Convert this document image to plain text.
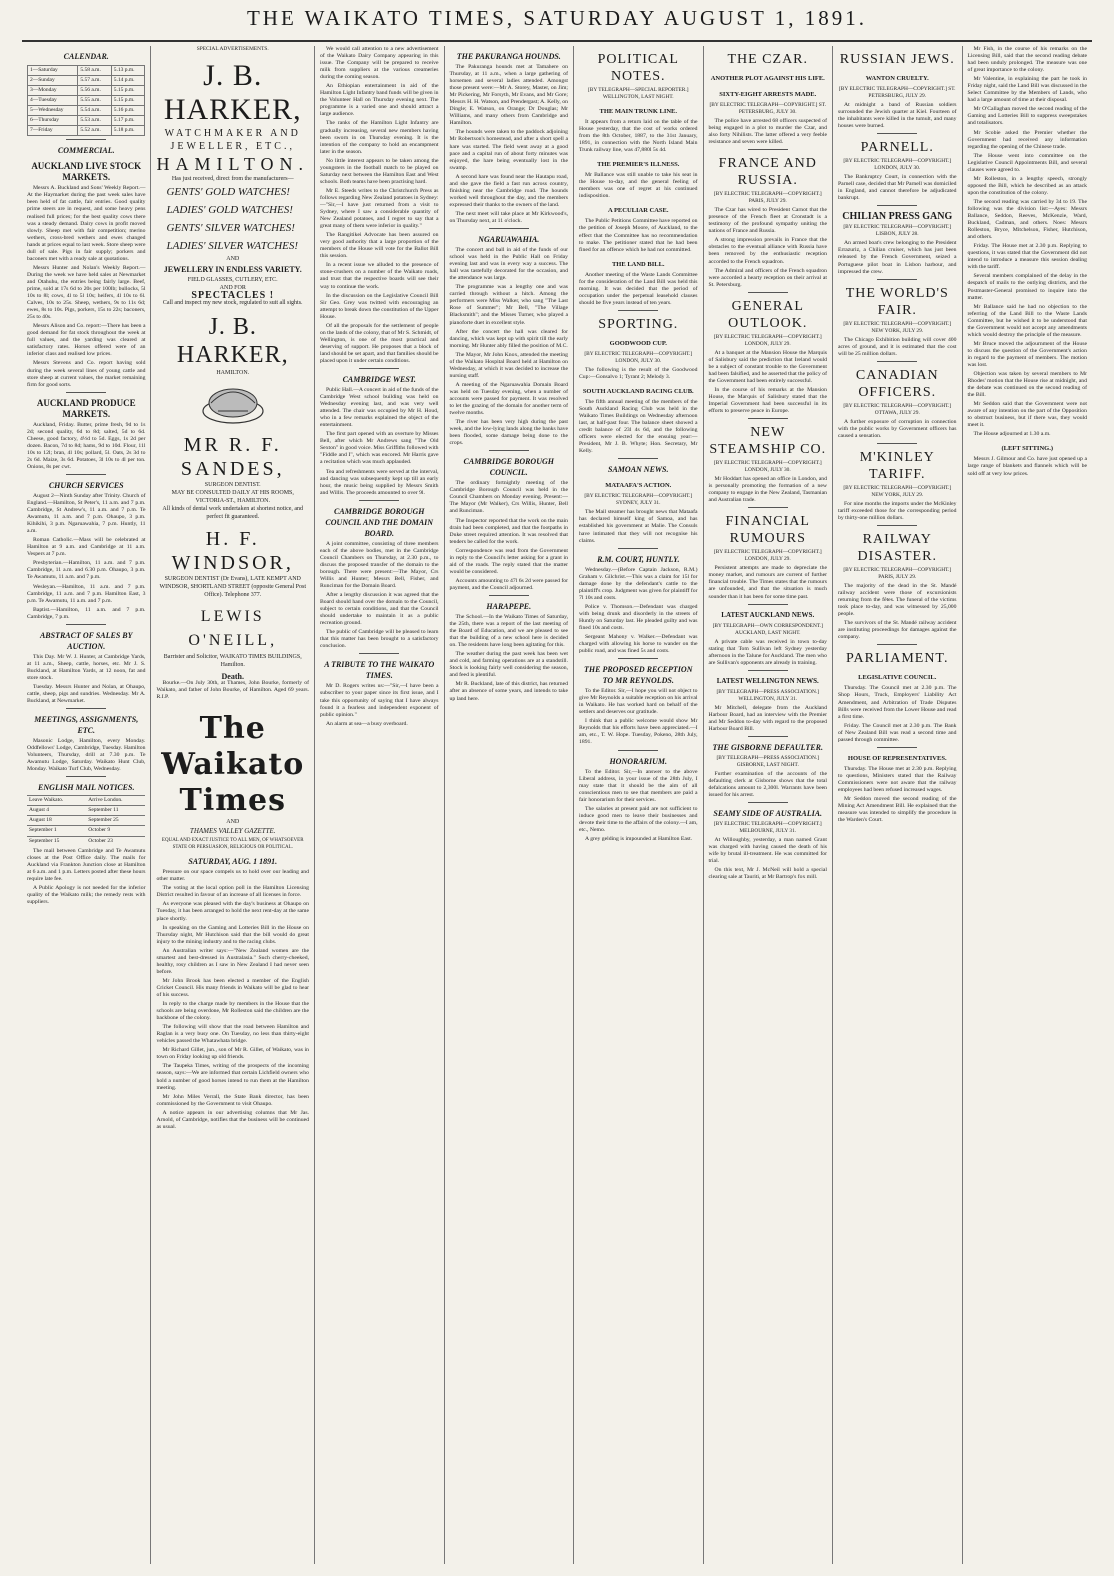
THE WAIKATO TIMES, SATURDAY AUGUST 1, 1891.
CALENDAR.
1—Saturday	5.58 a.m.	5.13 p.m.
2—Sunday	5.57 a.m.	5.14 p.m.
3—Monday	5.56 a.m.	5.15 p.m.
4—Tuesday	5.55 a.m.	5.15 p.m.
5—Wednesday	5.54 a.m.	5.16 p.m.
6—Thursday	5.53 a.m.	5.17 p.m.
7—Friday	5.52 a.m.	5.18 p.m.
COMMERCIAL.
AUCKLAND LIVE STOCK MARKETS.

Messrs A. Buckland and Sons' Weekly Report.—At the Haymarket during the past week sales have been held of fat cattle, fair entries. Good quality prime steers are in request, and some heavy pens realised full prices; for the best quality cows there was a steady demand. Dairy cows in profit moved slowly. Sheep met with fair competition; merino wethers, cross-bred wethers and ewes changed hands at prices equal to last week. Store sheep were dull of sale. Pigs in fair supply; porkers and baconers met with a ready sale at quotations.

Messrs Hunter and Nolan's Weekly Report.—During the week we have held sales at Newmarket and Otahuhu, the entries being fairly large. Beef, prime, sold at 17s 6d to 20s per 100lb; bullocks, 5l 10s to 8l; cows, 4l to 5l 10s; heifers, 4l 10s to 6l. Calves, 10s to 25s. Sheep, wethers, 9s to 11s 6d; ewes, 8s to 10s. Pigs, porkers, 15s to 22s; baconers, 25s to 40s.

Messrs Alison and Co. report:—There has been a good demand for fat stock throughout the week at full values, and the yarding was cleared at satisfactory rates. Horses offered were of an inferior class and realised low prices.

Messrs Stevens and Co. report having sold during the week several lines of young cattle and store sheep at current values, the market remaining firm for good sorts.

AUCKLAND PRODUCE MARKETS.

Auckland, Friday. Butter, prime fresh, 9d to 1s 2d; second quality, 6d to 8d; salted, 5d to 6d. Cheese, good factory, 4½d to 5d. Eggs, 1s 2d per dozen. Bacon, 7d to 8d; hams, 9d to 10d. Flour, 11l 10s to 12l; bran, 4l 10s; pollard, 5l. Oats, 2s 3d to 2s 6d. Maize, 3s 6d. Potatoes, 3l 10s to 4l per ton. Onions, 8s per cwt.

CHURCH SERVICES

August 2—Ninth Sunday after Trinity. Church of England.—Hamilton, St Peter's, 11 a.m. and 7 p.m. Cambridge, St Andrew's, 11 a.m. and 7 p.m. Te Awamutu, 11 a.m. and 7 p.m. Ohaupo, 3 p.m. Kihikihi, 3 p.m. Ngaruawahia, 7 p.m. Huntly, 11 a.m.

Roman Catholic.—Mass will be celebrated at Hamilton at 9 a.m. and Cambridge at 11 a.m. Vespers at 7 p.m.

Presbyterian.—Hamilton, 11 a.m. and 7 p.m. Cambridge, 11 a.m. and 6.30 p.m. Ohaupo, 3 p.m. Te Awamutu, 11 a.m. and 7 p.m.

Wesleyan.—Hamilton, 11 a.m. and 7 p.m. Cambridge, 11 a.m. and 7 p.m. Hamilton East, 3 p.m. Te Awamutu, 11 a.m. and 7 p.m.

Baptist.—Hamilton, 11 a.m. and 7 p.m. Cambridge, 7 p.m.

ABSTRACT OF SALES BY AUCTION.

This Day. Mr W. J. Hunter, at Cambridge Yards, at 11 a.m., Sheep, cattle, horses, etc. Mr J. S. Buckland, at Hamilton Yards, at 12 noon, fat and store stock.

Tuesday. Messrs Hunter and Nolan, at Ohaupo, cattle, sheep, pigs and sundries. Wednesday. Mr A. Buckland, at Newmarket.

MEETINGS, ASSIGNMENTS, ETC.

Masonic Lodge, Hamilton, every Monday. Oddfellows' Lodge, Cambridge, Tuesday. Hamilton Volunteers, Thursday, drill at 7.30 p.m. Te Awamutu Lodge, Saturday. Waikato Hunt Club, Monday. Waikato Turf Club, Wednesday.

ENGLISH MAIL NOTICES.
Leave Waikato.	Arrive London.
August 4	September 11
August 18	September 25
September 1	October 9
September 15	October 23

The mail between Cambridge and Te Awamutu closes at the Post Office daily. The mails for Auckland via Frankton Junction close at Hamilton at 6 a.m. and 1 p.m. Letters posted after these hours require late fee.

A Public Apology is not needed for the inferior quality of the Waikato milk; the remedy rests with suppliers.

SPECIAL ADVERTISEMENTS.
J. B. HARKER,
WATCHMAKER AND JEWELLER, ETC.,
HAMILTON.
Has just received, direct from the manufacturers—
GENTS' GOLD WATCHES!
LADIES' GOLD WATCHES!
GENTS' SILVER WATCHES!
LADIES' SILVER WATCHES!
AND
JEWELLERY IN ENDLESS VARIETY.
FIELD GLASSES, CUTLERY, ETC.
AND FOR
SPECTACLES !
Call and inspect my new stock, regulated to suit all sights.
J. B. HARKER,
HAMILTON.
MR R. F. SANDES,
SURGEON DENTIST.
MAY BE CONSULTED DAILY AT HIS ROOMS, VICTORIA-ST., HAMILTON.
All kinds of dental work undertaken at shortest notice, and perfect fit guaranteed.
H. F. WINDSOR,
SURGEON DENTIST (Dr Evans), LATE KEMPT AND WINDSOR, SHORTLAND STREET (opposite General Post Office). Telephone 377.
LEWIS O'NEILL,
Barrister and Solicitor, WAIKATO TIMES BUILDINGS, Hamilton.
Death.

Bourke.—On July 30th, at Thames, John Bourke, formerly of Waikato, and father of John Bourke, of Hamilton. Aged 69 years. R.I.P.

The Waikato Times
AND
THAMES VALLEY GAZETTE.
EQUAL AND EXACT JUSTICE TO ALL MEN, OF WHATSOEVER STATE OR PERSUASION, RELIGIOUS OR POLITICAL.
SATURDAY, AUG. 1 1891.

Pressure on our space compels us to hold over our leading and other matter.

The voting at the local option poll in the Hamilton Licensing District resulted in favour of an increase of all licenses in force.

As everyone was pleased with the day's business at Ohaupo on Tuesday, it has been arranged to hold the next rent-day at the same place shortly.

In speaking on the Gaming and Lotteries Bill in the House on Thursday night, Mr Hutchison said that the bill would do great injury to the mining industry and to the racing clubs.

An Australian writer says:—"New Zealand women are the smartest and best-dressed in Australasia." Such cherry-cheeked, healthy, rosy children as I saw in New Zealand I had never seen before.

Mr John Brook has been elected a member of the English Cricket Council. His many friends in Waikato will be glad to hear of his success.

In reply to the charge made by members in the House that the schools are being overdone, Mr Rolleston said the children are the backbone of the colony.

The following will show that the road between Hamilton and Raglan is a very busy one. On Tuesday, no less than thirty-eight vehicles passed the Whatawhata bridge.

Mr Richard Gillet, jun., son of Mr R. Gillet, of Waikato, was in town on Friday looking up old friends.

The Taupeka Times, writing of the prospects of the incoming season, says:—We are informed that certain Lichfield owners who hold a number of good horses intend to run them at the Hamilton meeting.

Mr John Miles Verrall, the State Bank director, has been commissioned by the Government to visit Ohaupo.

A notice appears in our advertising columns that Mr Jas. Arnold, of Cambridge, notifies that the business will be continued as usual.

We would call attention to a new advertisement of the Waikato Dairy Company appearing in this issue. The Company will be prepared to receive milk from suppliers at the various creameries during the coming season.

An Ethiopian entertainment in aid of the Hamilton Light Infantry band funds will be given in the Volunteer Hall on Thursday evening next. The programme is a varied one and should attract a large audience.

The ranks of the Hamilton Light Infantry are gradually increasing, several new members having been sworn in on Thursday evening. It is the intention of the company to hold an encampment later in the season.

No little interest appears to be taken among the youngsters in the football match to be played on Saturday next between the Hamilton East and West schools. Both teams have been practising hard.

Mr E. Steeds writes to the Christchurch Press as follows regarding New Zealand potatoes in Sydney:—"Sir,—I have just returned from a visit to Sydney, where I saw a considerable quantity of New Zealand potatoes, and I regret to say that a great many of them were inferior in quality."

The Rangitikei Advocate has been assured on very good authority that a large proportion of the members of the House will vote for the Ballot Bill this session.

In a recent issue we alluded to the presence of stone-crushers on a number of the Waikato roads, and trust that the respective boards will see their way to continue the work.

In the discussion on the Legislative Council Bill Sir Geo. Grey was twitted with encouraging an attempt to break down the constitution of the Upper House.

Of all the proposals for the settlement of people on the lands of the colony, that of Mr S. Schmidt, of Wellington, is one of the most practical and deserving of support. He proposes that a block of land should be set apart, and that families should be placed upon it under certain conditions.

CAMBRIDGE WEST.

Public Hall.—A concert in aid of the funds of the Cambridge West school building was held on Wednesday evening last, and was very well attended. The chair was occupied by Mr H. Houd, who in a few remarks explained the object of the entertainment.

The first part opened with an overture by Misses Bell, after which Mr Andrews sang "The Old Sexton" in good voice. Miss Griffiths followed with "Fiddle and I", which was encored. Mr Harris gave a recitation which was much applauded.

Tea and refreshments were served at the interval, and dancing was subsequently kept up till an early hour, the music being supplied by Messrs Smith and Willis. The proceeds amounted to over 9l.

CAMBRIDGE BOROUGH COUNCIL AND THE DOMAIN BOARD.

A joint committee, consisting of three members each of the above bodies, met in the Cambridge Council Chambers on Thursday, at 2.30 p.m., to discuss the proposed transfer of the domain to the borough. There were present:—The Mayor, Crs Willis and Hunter; Messrs Bell, Fisher, and Runciman for the Domain Board.

After a lengthy discussion it was agreed that the Board should hand over the domain to the Council, subject to certain conditions, and that the Council should undertake to maintain it as a public recreation ground.

The public of Cambridge will be pleased to learn that this matter has been brought to a satisfactory conclusion.

A TRIBUTE TO THE WAIKATO TIMES.

Mr D. Rogers writes us:—"Sir,—I have been a subscriber to your paper since its first issue, and I take this opportunity of saying that I have always found it a fearless and independent exponent of public opinion."

An alarm at sea—a busy overboard.

THE PAKURANGA HOUNDS.

The Pakuranga hounds met at Tamahere on Thursday, at 11 a.m., when a large gathering of horsemen and several ladies attended. Amongst those present were:—Mr A. Storey, Master, on Jim; Mr Pickering, Mr Forsyth, Mr Evans, and Mr Gore; Messrs H. H. Watson, and Prendergast; A. Kelly, on Dingle; E. Watson, on Orange; Dr Douglas; Mr Williams, and many others from Cambridge and Hamilton.

The hounds were taken to the paddock adjoining Mr Robertson's homestead, and after a short spell a hare was started. The field went away at a good pace and a capital run of about forty minutes was enjoyed, the hare being eventually lost in the swamp.

A second hare was found near the Hautapu road, and she gave the field a fast run across country, finishing near the Cambridge road. The hounds worked well throughout the day, and the members expressed their thanks to the owners of the land.

The next meet will take place at Mr Kirkwood's, on Thursday next, at 11 o'clock.

NGARUAWAHIA.

The concert and ball in aid of the funds of our school was held in the Public Hall on Friday evening last and was in every way a success. The hall was tastefully decorated for the occasion, and the attendance was large.

The programme was a lengthy one and was carried through without a hitch. Among the performers were Miss Walker, who sang "The Last Rose of Summer"; Mr Bell, "The Village Blacksmith"; and the Misses Turner, who played a pianoforte duet in excellent style.

After the concert the hall was cleared for dancing, which was kept up with spirit till the early morning. Mr Hunter ably filled the position of M.C.

The Mayor, Mr John Knox, attended the meeting of the Waikato Hospital Board held at Hamilton on Wednesday, at which it was decided to increase the nursing staff.

A meeting of the Ngaruawahia Domain Board was held on Tuesday evening, when a number of accounts were passed for payment. It was resolved to let the grazing of the domain for another term of twelve months.

The river has been very high during the past week, and the low-lying lands along the banks have been flooded, some damage being done to the crops.

CAMBRIDGE BOROUGH COUNCIL.

The ordinary fortnightly meeting of the Cambridge Borough Council was held in the Council Chambers on Monday evening. Present:—The Mayor (Mr Walker), Crs Willis, Hunter, Bell and Runciman.

The Inspector reported that the work on the main drain had been completed, and that the footpaths in Duke street required attention. It was resolved that tenders be called for the work.

Correspondence was read from the Government in reply to the Council's letter asking for a grant in aid of the roads. The reply stated that the matter would be considered.

Accounts amounting to 47l 6s 2d were passed for payment, and the Council adjourned.

HARAPEPE.

The School.—In the Waikato Times of Saturday, the 25th, there was a report of the last meeting of the Board of Education, and we are pleased to see that the building of a new school here is decided on. The residents have long been agitating for this.

The weather during the past week has been wet and cold, and farming operations are at a standstill. Stock is looking fairly well considering the season, and feed is plentiful.

Mr R. Buckland, late of this district, has returned after an absence of some years, and intends to take up land here.

POLITICAL NOTES.
[BY TELEGRAPH—SPECIAL REPORTER.] WELLINGTON, LAST NIGHT.
THE MAIN TRUNK LINE.

It appears from a return laid on the table of the House yesterday, that the cost of works ordered from the 8th October, 1887, to the 31st January, 1891, in connection with the North Island Main Trunk railway line, was 47,880l 5s 4d.

THE PREMIER'S ILLNESS.

Mr Ballance was still unable to take his seat in the House to-day, and the general feeling of members was one of regret at his continued indisposition.

A PECULIAR CASE.

The Public Petitions Committee have reported on the petition of Joseph Moore, of Auckland, to the effect that the Committee has no recommendation to make. The petitioner stated that he had been fined for an offence which he had not committed.

THE LAND BILL.

Another meeting of the Waste Lands Committee for the consideration of the Land Bill was held this morning. It was decided that the period of occupation under the perpetual leasehold clauses should be five years instead of ten years.

SPORTING.
GOODWOOD CUP.
[BY ELECTRIC TELEGRAPH—COPYRIGHT.] LONDON, JULY 30.

The following is the result of the Goodwood Cup:—Gonsalvo 1; Tyrant 2; Melody 3.

SOUTH AUCKLAND RACING CLUB.

The fifth annual meeting of the members of the South Auckland Racing Club was held in the Waikato Times Buildings on Wednesday afternoon last, at half-past four. The balance sheet showed a credit balance of 23l 4s 6d, and the following officers were elected for the ensuing year:—President, Mr J. B. Whyte; Hon. Secretary, Mr Kelly.

SAMOAN NEWS.
MATAAFA'S ACTION.
[BY ELECTRIC TELEGRAPH—COPYRIGHT.] SYDNEY, JULY 31.

The Mail steamer has brought news that Mataafa has declared himself king of Samoa, and has established his government at Malie. The Consuls have intimated that they will not recognise his claims.

R.M. COURT, HUNTLY.

Wednesday.—(Before Captain Jackson, R.M.) Graham v. Gilchrist.—This was a claim for 15l for damage done by the defendant's cattle to the plaintiff's crop. Judgment was given for plaintiff for 7l 10s and costs.

Police v. Thomson.—Defendant was charged with being drunk and disorderly in the streets of Huntly on Saturday last. He pleaded guilty and was fined 10s and costs.

Sergeant Mahony v. Walker.—Defendant was charged with allowing his horse to wander on the public road, and was fined 5s and costs.

THE PROPOSED RECEPTION TO MR REYNOLDS.

To the Editor. Sir,—I hope you will not object to give Mr Reynolds a suitable reception on his arrival in Waikato. He has worked hard on behalf of the settlers and deserves our gratitude.

I think that a public welcome would show Mr Reynolds that his efforts have been appreciated.—I am, etc., T. W. Hope. Tuesday, Pokeno, 28th July, 1891.

HONORARIUM.

To the Editor. Sir,—In answer to the above Liberal address, in your issue of the 28th July, I may state that it should be the aim of all conscientious men to see that members are paid a fair honorarium for their services.

The salaries at present paid are not sufficient to induce good men to leave their businesses and devote their time to the affairs of the colony.—I am, etc., Nemo.

A grey gelding is impounded at Hamilton East.

THE CZAR.
ANOTHER PLOT AGAINST HIS LIFE.
SIXTY-EIGHT ARRESTS MADE.
[BY ELECTRIC TELEGRAPH—COPYRIGHT.] ST. PETERSBURG, JULY 30.

The police have arrested 68 officers suspected of being engaged in a plot to murder the Czar, and also forty Nihilists. The latter offered a very feeble resistance and seven were killed.

FRANCE AND RUSSIA.
[BY ELECTRIC TELEGRAPH—COPYRIGHT.] PARIS, JULY 29.

The Czar has wired to President Carnot that the presence of the French fleet at Cronstadt is a testimony of the profound sympathy uniting the nations of France and Russia.

A strong impression prevails in France that the obstacles to the eventual alliance with Russia have been removed by the enthusiastic reception accorded to the French squadron.

The Admiral and officers of the French squadron were accorded a hearty reception on their arrival at St. Petersburg.

GENERAL OUTLOOK.
[BY ELECTRIC TELEGRAPH—COPYRIGHT.] LONDON, JULY 29.

At a banquet at the Mansion House the Marquis of Salisbury said the prediction that Ireland would be a subject of constant trouble to the Government had been falsified, and he asserted that the policy of the Government had been entirely successful.

In the course of his remarks at the Mansion House, the Marquis of Salisbury stated that the Imperial Government had been successful in its efforts to preserve peace in Europe.

NEW STEAMSHIP CO.
[BY ELECTRIC TELEGRAPH—COPYRIGHT.] LONDON, JULY 30.

Mr Hoddart has opened an office in London, and is personally promoting the formation of a new company to engage in the New Zealand, Tasmanian and Australian trade.

FINANCIAL RUMOURS
[BY ELECTRIC TELEGRAPH—COPYRIGHT.] LONDON, JULY 29.

Persistent attempts are made to depreciate the money market, and rumours are current of further financial trouble. The Times states that the rumours are unfounded, and that the situation is much sounder than it has been for some time past.

LATEST AUCKLAND NEWS.
[BY TELEGRAPH—OWN CORRESPONDENT.] AUCKLAND, LAST NIGHT.

A private cable was received in town to-day stating that Tom Sullivan left Sydney yesterday afternoon in the Talune for Auckland. The men who are Sullivan's opponents are already in training.

LATEST WELLINGTON NEWS.
[BY TELEGRAPH—PRESS ASSOCIATION.] WELLINGTON, JULY 31.

Mr Mitchell, delegate from the Auckland Harbour Board, had an interview with the Premier and Mr Seddon to-day with regard to the proposed Harbour Board Bill.

THE GISBORNE DEFAULTER.
[BY TELEGRAPH—PRESS ASSOCIATION.] GISBORNE, LAST NIGHT.

Further examination of the accounts of the defaulting clerk at Gisborne shows that the total defalcations amount to 2,300l. Warrants have been issued for his arrest.

SEAMY SIDE OF AUSTRALIA.
[BY ELECTRIC TELEGRAPH—COPYRIGHT.] MELBOURNE, JULY 31.

At Willoughby, yesterday, a man named Grant was charged with having caused the death of his wife by brutal ill-treatment. He was committed for trial.

On this text, Mr J. McNeil will hold a special clearing sale at Tauriti, at Mr Bartrop's fox mill.

RUSSIAN JEWS.
WANTON CRUELTY.
[BY ELECTRIC TELEGRAPH—COPYRIGHT.] ST. PETERSBURG, JULY 29.

At midnight a band of Russian soldiers surrounded the Jewish quarter at Kiel. Fourteen of the inhabitants were killed in the tumult, and many houses were burned.

PARNELL.
[BY ELECTRIC TELEGRAPH—COPYRIGHT.] LONDON, JULY 30.

The Bankruptcy Court, in connection with the Parnell case, decided that Mr Parnell was domiciled in England, and cannot therefore be adjudicated bankrupt.

CHILIAN PRESS GANG
[BY ELECTRIC TELEGRAPH—COPYRIGHT.] LISBON, JULY 28.

An armed boat's crew belonging to the President Errazuriz, a Chilian cruiser, which has just been released by the French Government, seized a Portuguese pilot boat in Lisbon harbour, and impressed the crew.

THE WORLD'S FAIR.
[BY ELECTRIC TELEGRAPH—COPYRIGHT.] NEW YORK, JULY 29.

The Chicago Exhibition building will cover 400 acres of ground, and it is estimated that the cost will be 25 million dollars.

CANADIAN OFFICERS.
[BY ELECTRIC TELEGRAPH—COPYRIGHT.] OTTAWA, JULY 29.

A further exposure of corruption in connection with the public works by Government officers has caused a sensation.

M'KINLEY TARIFF.
[BY ELECTRIC TELEGRAPH—COPYRIGHT.] NEW YORK, JULY 29.

For nine months the imports under the McKinley tariff exceeded those for the corresponding period by thirty-one million dollars.

RAILWAY DISASTER.
[BY ELECTRIC TELEGRAPH—COPYRIGHT.] PARIS, JULY 29.

The majority of the dead in the St. Mandé railway accident were those of excursionists returning from the fêtes. The funeral of the victims took place to-day, and was witnessed by 25,000 people.

The survivors of the St. Mandé railway accident are instituting proceedings for damages against the company.

PARLIAMENT.
LEGISLATIVE COUNCIL.

Thursday. The Council met at 2.30 p.m. The Shop Hours, Truck, Employers' Liability Act Amendment, and Arbitration of Trade Disputes Bills were received from the Lower House and read a first time.

Friday. The Council met at 2.30 p.m. The Bank of New Zealand Bill was read a second time and passed through committee.

HOUSE OF REPRESENTATIVES.

Thursday. The House met at 2.30 p.m. Replying to questions, Ministers stated that the Railway Commissioners were not aware that the railway employees had been refused increased wages.

Mr Seddon moved the second reading of the Mining Act Amendment Bill. He explained that the measure was intended to simplify the procedure in the Warden's Court.

Mr Fish, in the course of his remarks on the Licensing Bill, said that the second reading debate had been unduly prolonged. The measure was one of great importance to the colony.

Mr Valentine, in explaining the part he took in Friday night, said the Land Bill was discussed in the Select Committee by the Members of Lands, who had a large amount of time at their disposal.

Mr O'Callaghan moved the second reading of the Gaming and Lotteries Bill to suppress sweepstakes and totalisators.

Mr Scobie asked the Premier whether the Government had received any information regarding the opening of the Chinese trade.

The House went into committee on the Legislative Council Appointments Bill, and several clauses were agreed to.

Mr Rolleston, in a lengthy speech, strongly opposed the Bill, which he described as an attack upon the constitution of the colony.

The second reading was carried by 34 to 19. The following was the division list:—Ayes: Messrs Ballance, Seddon, Reeves, McKenzie, Ward, Buckland, Cadman, and others. Noes: Messrs Rolleston, Bryce, Mitchelson, Fisher, Hutchison, and others.

Friday. The House met at 2.30 p.m. Replying to questions, it was stated that the Government did not intend to introduce a measure this session dealing with the tariff.

Several members complained of the delay in the despatch of mails to the outlying districts, and the Postmaster-General promised to inquire into the matter.

Mr Ballance said he had no objection to the referring of the Land Bill to the Waste Lands Committee, but he wished it to be understood that the Government would not accept any amendments which would destroy the principle of the measure.

Mr Bruce moved the adjournment of the House to discuss the question of the Government's action in regard to the payment of members. The motion was lost.

Objection was taken by several members to Mr Rhodes' motion that the House rise at midnight, and the debate was continued on the second reading of the Bill.

Mr Seddon said that the Government were not aware of any intention on the part of the Opposition to obstruct business, but if there was, they would meet it.

The House adjourned at 1.30 a.m.

(LEFT SITTING.)

Messrs J. Gilmour and Co. have just opened up a large range of blankets and flannels which will be sold off at very low prices.
